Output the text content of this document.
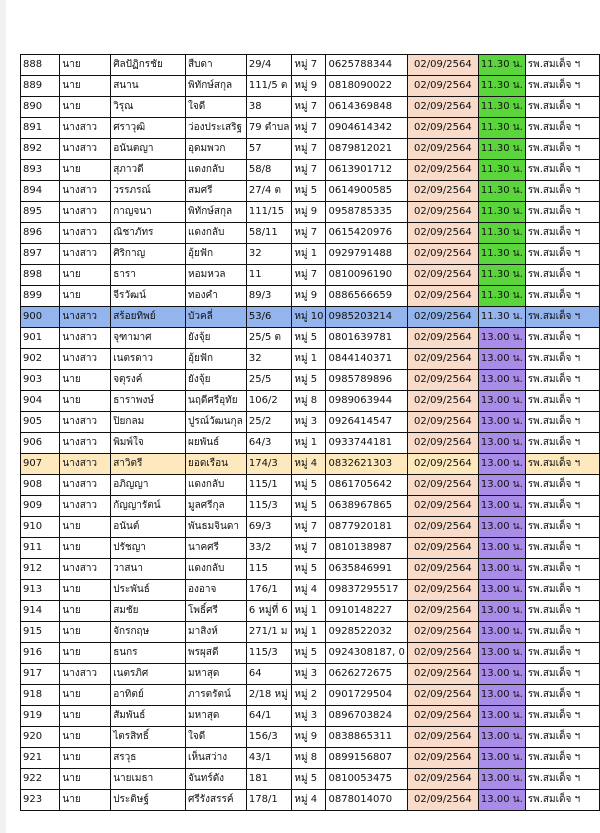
888	นาย	ศิลปัฏิกรชัย	สืบดา	29/4	หมู่ 7	0625788344	02/09/2564	11.30 น.	รพ.สมเด็จ ฯ
889	นาย	สนาน	พิทักษ์สกุล	111/5 ต	หมู่ 9	0818090022	02/09/2564	11.30 น.	รพ.สมเด็จ ฯ
890	นาย	วิรุณ	ใจดี	38	หมู่ 7	0614369848	02/09/2564	11.30 น.	รพ.สมเด็จ ฯ
891	นางสาว	ศราวุฒิ	ว่องประเสริฐ	79 ตำบล	หมู่ 7	0904614342	02/09/2564	11.30 น.	รพ.สมเด็จ ฯ
892	นางสาว	อนันตญา	อุดมพวก	57	หมู่ 7	0879812021	02/09/2564	11.30 น.	รพ.สมเด็จ ฯ
893	นาย	สุภาวดี	แดงกลับ	58/8	หมู่ 7	0613901712	02/09/2564	11.30 น.	รพ.สมเด็จ ฯ
894	นางสาว	วรรภรณ์	สมศรี	27/4 ต	หมู่ 5	0614900585	02/09/2564	11.30 น.	รพ.สมเด็จ ฯ
895	นางสาว	กาญจนา	พิทักษ์สกุล	111/15	หมู่ 9	0958785335	02/09/2564	11.30 น.	รพ.สมเด็จ ฯ
896	นางสาว	ณิชาภัทร	แดงกลับ	58/11	หมู่ 7	0615420976	02/09/2564	11.30 น.	รพ.สมเด็จ ฯ
897	นางสาว	ศิริกาญ	อุ้ยฟัก	32	หมู่ 1	0929791488	02/09/2564	11.30 น.	รพ.สมเด็จ ฯ
898	นาย	ธารา	หอมหวล	11	หมู่ 7	0810096190	02/09/2564	11.30 น.	รพ.สมเด็จ ฯ
899	นาย	จีรวัฒน์	ทองคำ	89/3	หมู่ 9	0886566659	02/09/2564	11.30 น.	รพ.สมเด็จ ฯ
900	นางสาว	สร้อยทิพย์	บัวคลี่	53/6	หมู่ 10	0985203214	02/09/2564	11.30 น.	รพ.สมเด็จ ฯ
901	นางสาว	จุฑามาศ	ยังจุ้ย	25/5 ต	หมู่ 5	0801639781	02/09/2564	13.00 น.	รพ.สมเด็จ ฯ
902	นางสาว	เนตรดาว	อุ้ยฟัก	32	หมู่ 1	0844140371	02/09/2564	13.00 น.	รพ.สมเด็จ ฯ
903	นาย	จตุรงค์	ยังจุ้ย	25/5	หมู่ 5	0985789896	02/09/2564	13.00 น.	รพ.สมเด็จ ฯ
904	นาย	ธาราพงษ์	นฤดีศรีอุทัย	106/2	หมู่ 8	0989063944	02/09/2564	13.00 น.	รพ.สมเด็จ ฯ
905	นางสาว	ปิยกลม	ปูรณ์วัฒนกุล	25/2	หมู่ 3	0926414547	02/09/2564	13.00 น.	รพ.สมเด็จ ฯ
906	นางสาว	พิมพ์ใจ	ผยพันธ์	64/3	หมู่ 1	0933744181	02/09/2564	13.00 น.	รพ.สมเด็จ ฯ
907	นางสาว	สาวิตรี	ยอดเรือน	174/3	หมู่ 4	0832621303	02/09/2564	13.00 น.	รพ.สมเด็จ ฯ
908	นางสาว	อภิญญา	แดงกลับ	115/1	หมู่ 5	0861705642	02/09/2564	13.00 น.	รพ.สมเด็จ ฯ
909	นางสาว	กัญญารัตน์	มูลศรีกุล	115/3	หมู่ 5	0638967865	02/09/2564	13.00 น.	รพ.สมเด็จ ฯ
910	นาย	อนันต์	พันธมจินดา	69/3	หมู่ 7	0877920181	02/09/2564	13.00 น.	รพ.สมเด็จ ฯ
911	นาย	ปรัชญา	นาคศรี	33/2	หมู่ 7	0810138987	02/09/2564	13.00 น.	รพ.สมเด็จ ฯ
912	นางสาว	วาสนา	แดงกลับ	115	หมู่ 5	0635846991	02/09/2564	13.00 น.	รพ.สมเด็จ ฯ
913	นาย	ประพันธ์	องอาจ	176/1	หมู่ 4	09837295517	02/09/2564	13.00 น.	รพ.สมเด็จ ฯ
914	นาย	สมชัย	โพธิ์ศรี	6 หมู่ที่ 6	หมู่ 1	0910148227	02/09/2564	13.00 น.	รพ.สมเด็จ ฯ
915	นาย	จักรกฤษ	มาสิงห์	271/1 ม	หมู่ 1	0928522032	02/09/2564	13.00 น.	รพ.สมเด็จ ฯ
916	นาย	ธนกร	พรผุสดี	115/3	หมู่ 5	0924308187, 0	02/09/2564	13.00 น.	รพ.สมเด็จ ฯ
917	นางสาว	เนตรภิศ	มหาสุด	64	หมู่ 3	0626272675	02/09/2564	13.00 น.	รพ.สมเด็จ ฯ
918	นาย	อาทิตย์	ภารตรัตน์	2/18 หมู่	หมู่ 2	0901729504	02/09/2564	13.00 น.	รพ.สมเด็จ ฯ
919	นาย	สัมพันธ์	มหาสุด	64/1	หมู่ 3	0896703824	02/09/2564	13.00 น.	รพ.สมเด็จ ฯ
920	นาย	ไตรสิทธิ์	ใจดี	156/3	หมู่ 9	0838865311	02/09/2564	13.00 น.	รพ.สมเด็จ ฯ
921	นาย	สรวุธ	เห็นสว่าง	43/1	หมู่ 8	0899156807	02/09/2564	13.00 น.	รพ.สมเด็จ ฯ
922	นาย	นายเมธา	จันทร์ดัง	181	หมู่ 5	0810053475	02/09/2564	13.00 น.	รพ.สมเด็จ ฯ
923	นาย	ประดิษฐ์	ศรีรังสรรค์	178/1	หมู่ 4	0878014070	02/09/2564	13.00 น.	รพ.สมเด็จ ฯ
